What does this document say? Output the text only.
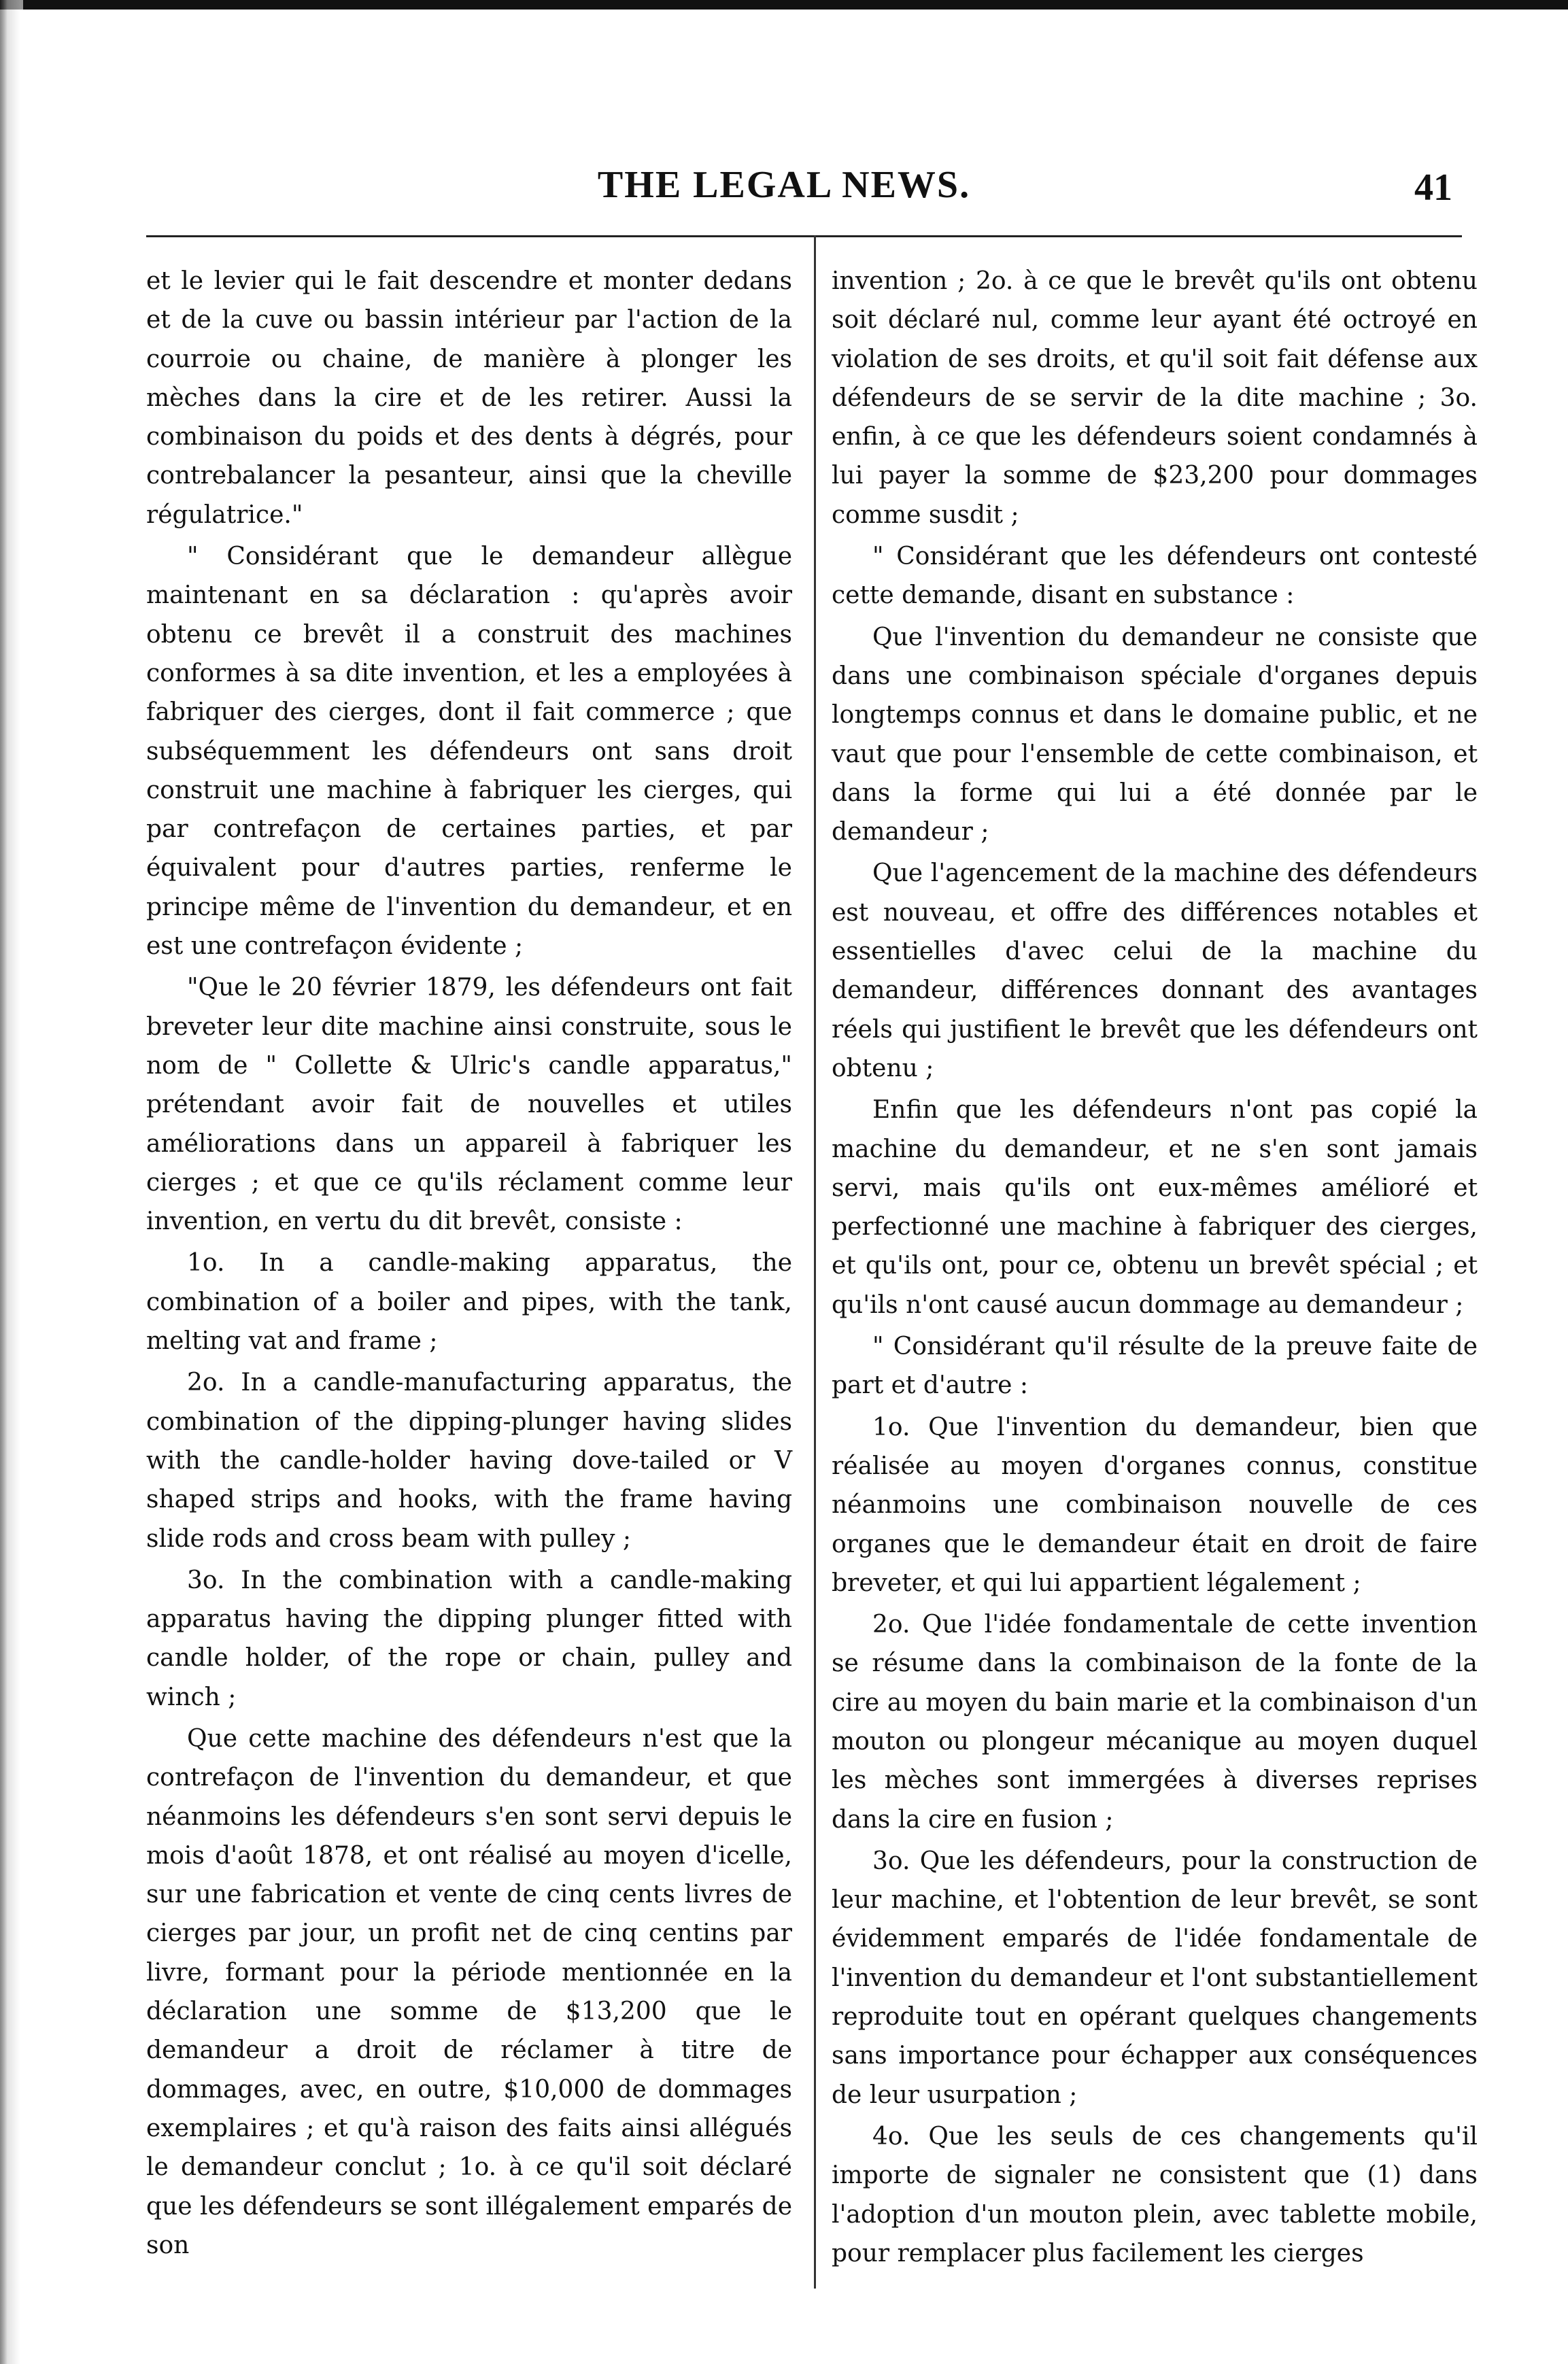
THE LEGAL NEWS.	41

et le levier qui le fait descendre et monter dedans et de la cuve ou bassin intérieur par l'action de la courroie ou chaine, de manière à plonger les mèches dans la cire et de les retirer. Aussi la combinaison du poids et des dents à dégrés, pour contrebalancer la pesanteur, ainsi que la cheville régulatrice."

" Considérant que le demandeur allègue maintenant en sa déclaration : qu'après avoir obtenu ce brevêt il a construit des machines conformes à sa dite invention, et les a employées à fabriquer des cierges, dont il fait commerce ; que subséquemment les défendeurs ont sans droit construit une machine à fabriquer les cierges, qui par contrefaçon de certaines parties, et par équivalent pour d'autres parties, renferme le principe même de l'invention du demandeur, et en est une contrefaçon évidente ;

"Que le 20 février 1879, les défendeurs ont fait breveter leur dite machine ainsi construite, sous le nom de " Collette & Ulric's candle apparatus," prétendant avoir fait de nouvelles et utiles améliorations dans un appareil à fabriquer les cierges ; et que ce qu'ils réclament comme leur invention, en vertu du dit brevêt, consiste :

1o. In a candle-making apparatus, the combination of a boiler and pipes, with the tank, melting vat and frame ;

2o. In a candle-manufacturing apparatus, the combination of the dipping-plunger having slides with the candle-holder having dove-tailed or V shaped strips and hooks, with the frame having slide rods and cross beam with pulley ;

3o. In the combination with a candle-making apparatus having the dipping plunger fitted with candle holder, of the rope or chain, pulley and winch ;

Que cette machine des défendeurs n'est que la contrefaçon de l'invention du demandeur, et que néanmoins les défendeurs s'en sont servi depuis le mois d'août 1878, et ont réalisé au moyen d'icelle, sur une fabrication et vente de cinq cents livres de cierges par jour, un profit net de cinq centins par livre, formant pour la période mentionnée en la déclaration une somme de $13,200 que le demandeur a droit de réclamer à titre de dommages, avec, en outre, $10,000 de dommages exemplaires ; et qu'à raison des faits ainsi allégués le demandeur conclut ; 1o. à ce qu'il soit déclaré que les défendeurs se sont illégalement emparés de son

invention ; 2o. à ce que le brevêt qu'ils ont obtenu soit déclaré nul, comme leur ayant été octroyé en violation de ses droits, et qu'il soit fait défense aux défendeurs de se servir de la dite machine ; 3o. enfin, à ce que les défendeurs soient condamnés à lui payer la somme de $23,200 pour dommages comme susdit ;

" Considérant que les défendeurs ont contesté cette demande, disant en substance :

Que l'invention du demandeur ne consiste que dans une combinaison spéciale d'organes depuis longtemps connus et dans le domaine public, et ne vaut que pour l'ensemble de cette combinaison, et dans la forme qui lui a été donnée par le demandeur ;

Que l'agencement de la machine des défendeurs est nouveau, et offre des différences notables et essentielles d'avec celui de la machine du demandeur, différences donnant des avantages réels qui justifient le brevêt que les défendeurs ont obtenu ;

Enfin que les défendeurs n'ont pas copié la machine du demandeur, et ne s'en sont jamais servi, mais qu'ils ont eux-mêmes amélioré et perfectionné une machine à fabriquer des cierges, et qu'ils ont, pour ce, obtenu un brevêt spécial ; et qu'ils n'ont causé aucun dommage au demandeur ;

" Considérant qu'il résulte de la preuve faite de part et d'autre :

1o. Que l'invention du demandeur, bien que réalisée au moyen d'organes connus, constitue néanmoins une combinaison nouvelle de ces organes que le demandeur était en droit de faire breveter, et qui lui appartient légalement ;

2o. Que l'idée fondamentale de cette invention se résume dans la combinaison de la fonte de la cire au moyen du bain marie et la combinaison d'un mouton ou plongeur mécanique au moyen duquel les mèches sont immergées à diverses reprises dans la cire en fusion ;

3o. Que les défendeurs, pour la construction de leur machine, et l'obtention de leur brevêt, se sont évidemment emparés de l'idée fondamentale de l'invention du demandeur et l'ont substantiellement reproduite tout en opérant quelques changements sans importance pour échapper aux conséquences de leur usurpation ;

4o. Que les seuls de ces changements qu'il importe de signaler ne consistent que (1) dans l'adoption d'un mouton plein, avec tablette mobile, pour remplacer plus facilement les cierges
